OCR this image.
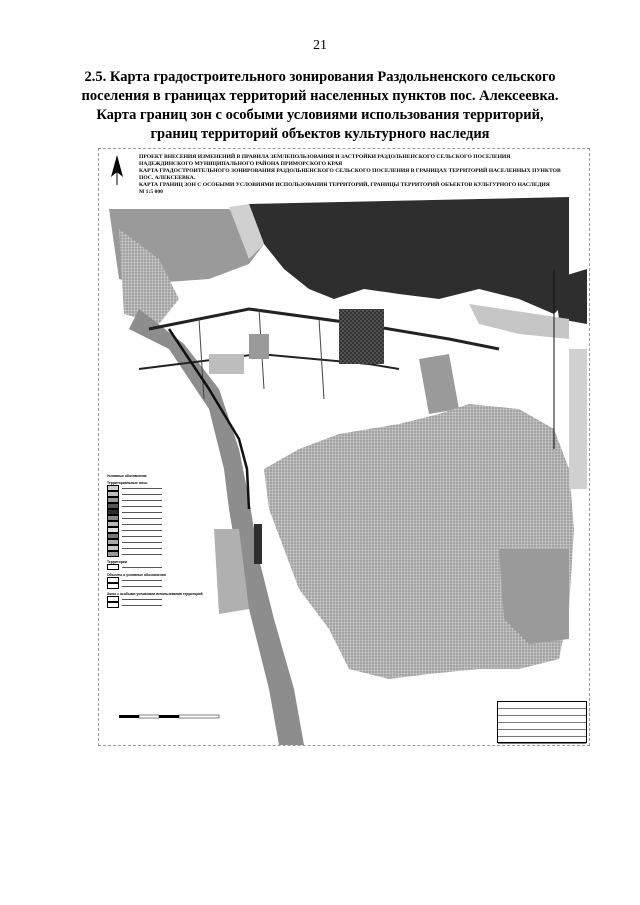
21
2.5. Карта градостроительного зонирования Раздольненского сельского
поселения в границах территорий населенных пунктов пос. Алексеевка.
Карта границ зон с особыми условиями использования территорий,
границ территорий объектов культурного наследия
ПРОЕКТ ВНЕСЕНИЯ ИЗМЕНЕНИЙ В ПРАВИЛА ЗЕМЛЕПОЛЬЗОВАНИЯ И ЗАСТРОЙКИ РАЗДОЛЬНЕНСКОГО СЕЛЬСКОГО ПОСЕЛЕНИЯ
НАДЕЖДИНСКОГО МУНИЦИПАЛЬНОГО РАЙОНА ПРИМОРСКОГО КРАЯ
КАРТА ГРАДОСТРОИТЕЛЬНОГО ЗОНИРОВАНИЯ РАЗДОЛЬНЕНСКОГО СЕЛЬСКОГО ПОСЕЛЕНИЯ В ГРАНИЦАХ ТЕРРИТОРИЙ НАСЕЛЕННЫХ ПУНКТОВ
ПОС. АЛЕКСЕЕВКА.
КАРТА ГРАНИЦ ЗОН С ОСОБЫМИ УСЛОВИЯМИ ИСПОЛЬЗОВАНИЯ ТЕРРИТОРИЙ, ГРАНИЦЫ ТЕРРИТОРИЙ ОБЪЕКТОВ КУЛЬТУРНОГО НАСЛЕДИЯ
М 1:5 000
Условные обозначения
Территориальные зоны
Территории
Объекты и условные обозначения
Зоны с особыми условиями использования территорий
